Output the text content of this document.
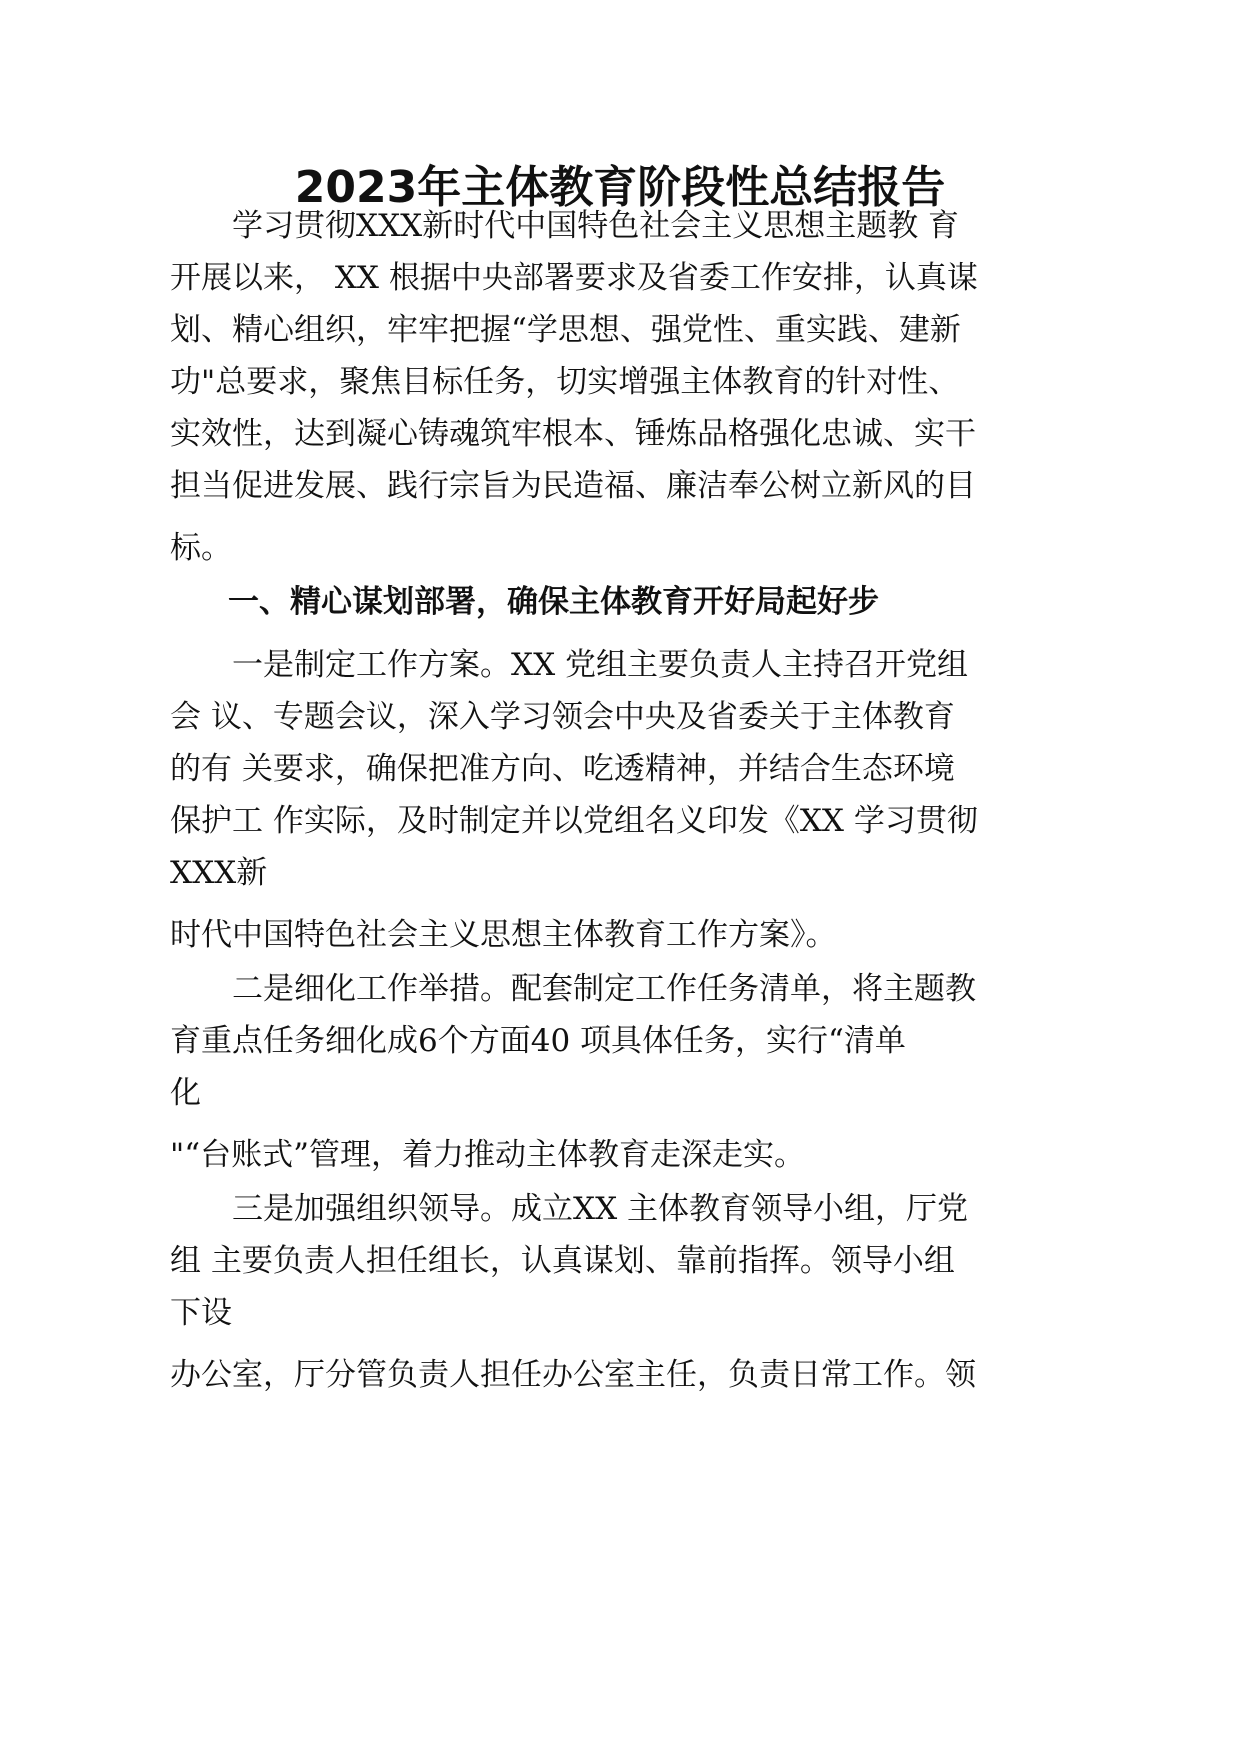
2023年主体教育阶段性总结报告
学习贯彻XXX新时代中国特色社会主义思想主题教 育
开展以来， XX 根据中央部署要求及省委工作安排，认真谋
划、精心组织，牢牢把握“学思想、强党性、重实践、建新
功"总要求，聚焦目标任务，切实增强主体教育的针对性、
实效性，达到凝心铸魂筑牢根本、锤炼品格强化忠诚、实干
担当促进发展、践行宗旨为民造福、廉洁奉公树立新风的目
标。
一、精心谋划部署，确保主体教育开好局起好步
一是制定工作方案。XX 党组主要负责人主持召开党组
会 议、专题会议，深入学习领会中央及省委关于主体教育
的有 关要求，确保把准方向、吃透精神，并结合生态环境
保护工 作实际，及时制定并以党组名义印发《XX 学习贯彻
XXX新
时代中国特色社会主义思想主体教育工作方案》。
二是细化工作举措。配套制定工作任务清单，将主题教
育重点任务细化成6个方面40 项具体任务，实行“清单
化
"“台账式”管理，着力推动主体教育走深走实。
三是加强组织领导。成立XX 主体教育领导小组，厅党
组 主要负责人担任组长，认真谋划、靠前指挥。领导小组
下设
办公室，厅分管负责人担任办公室主任，负责日常工作。领
